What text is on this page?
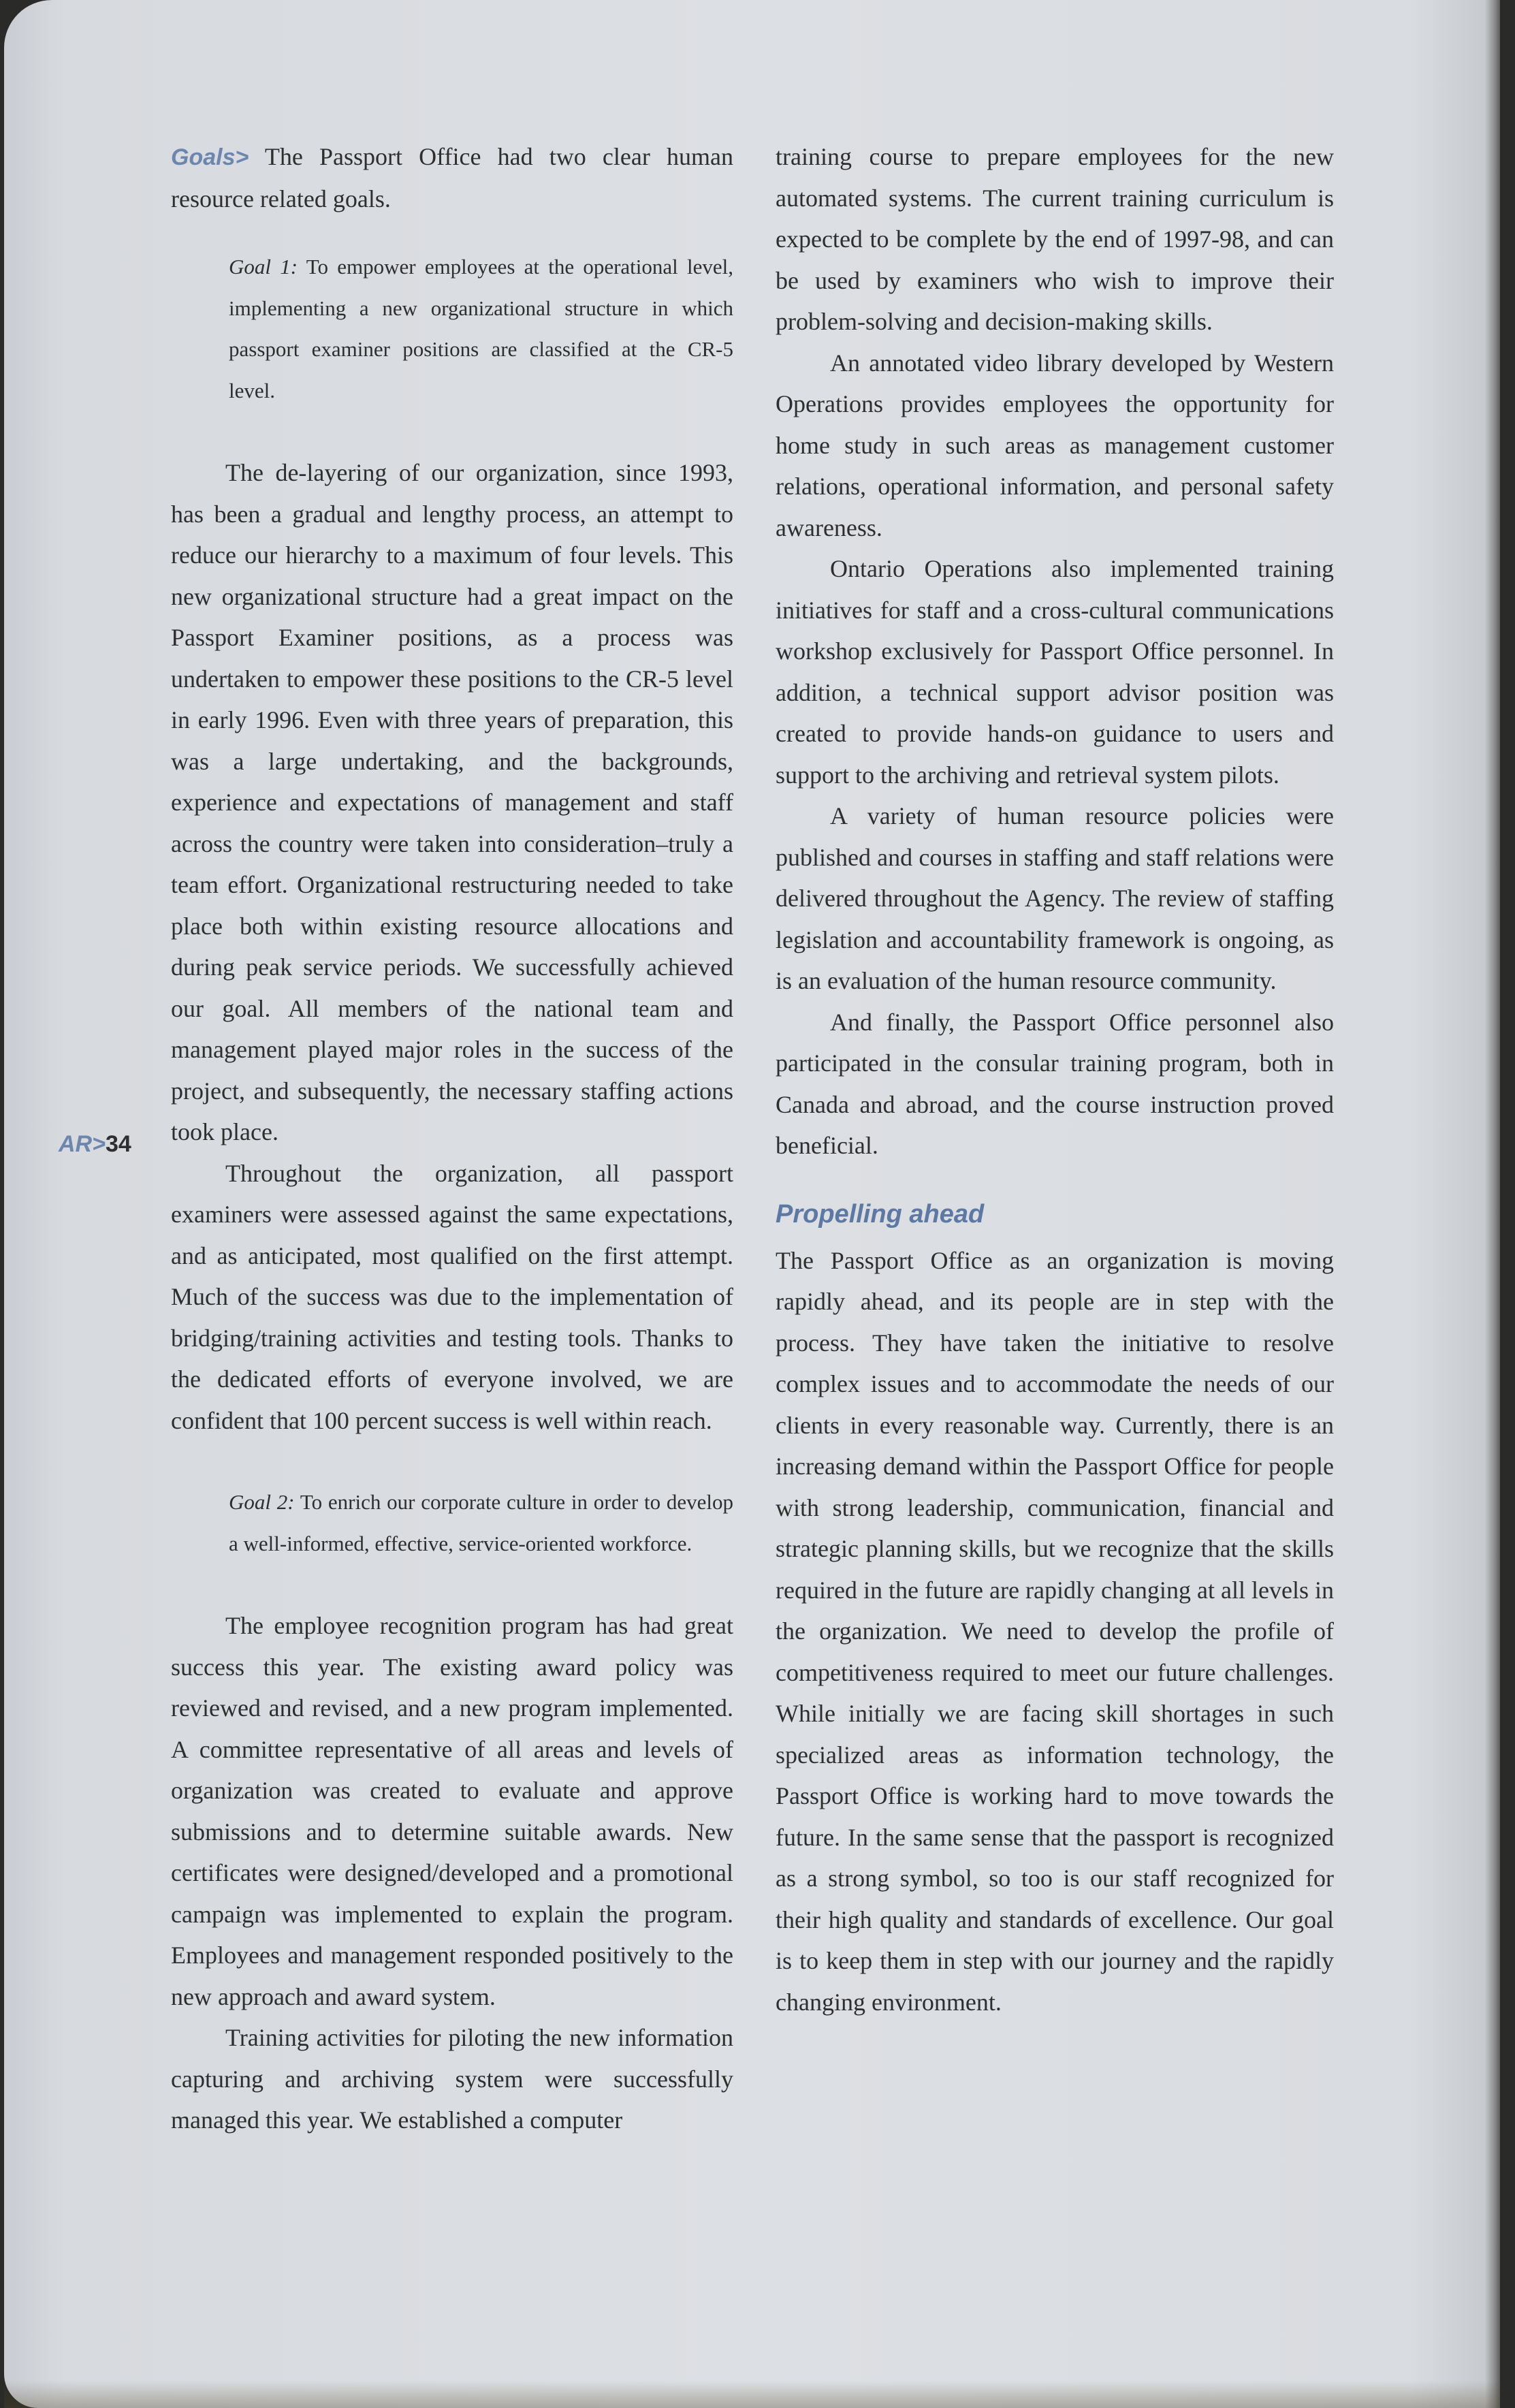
AR>34

Goals> The Passport Office had two clear human resource related goals.

Goal 1: To empower employees at the operational level, implementing a new organizational structure in which passport examiner positions are classified at the CR-5 level.

The de-layering of our organization, since 1993, has been a gradual and lengthy process, an attempt to reduce our hierarchy to a maximum of four levels. This new organizational structure had a great impact on the Passport Examiner positions, as a process was undertaken to empower these positions to the CR-5 level in early 1996. Even with three years of preparation, this was a large undertaking, and the backgrounds, experience and expectations of management and staff across the country were taken into consideration–truly a team effort. Organizational restructuring needed to take place both within existing resource allocations and during peak service periods. We successfully achieved our goal. All members of the national team and management played major roles in the success of the project, and subsequently, the necessary staffing actions took place.

Throughout the organization, all passport examiners were assessed against the same expectations, and as anticipated, most qualified on the first attempt. Much of the success was due to the implementation of bridging/training activities and testing tools. Thanks to the dedicated efforts of everyone involved, we are confident that 100 percent success is well within reach.

Goal 2: To enrich our corporate culture in order to develop a well-informed, effective, service-oriented workforce.

The employee recognition program has had great success this year. The existing award policy was reviewed and revised, and a new program implemented. A committee representative of all areas and levels of organization was created to evaluate and approve submissions and to determine suitable awards. New certificates were designed/developed and a promotional campaign was implemented to explain the program. Employees and management responded positively to the new approach and award system.

Training activities for piloting the new information capturing and archiving system were successfully managed this year. We established a computer

training course to prepare employees for the new automated systems. The current training curriculum is expected to be complete by the end of 1997-98, and can be used by examiners who wish to improve their problem-solving and decision-making skills.

An annotated video library developed by Western Operations provides employees the opportunity for home study in such areas as management customer relations, operational information, and personal safety awareness.

Ontario Operations also implemented training initiatives for staff and a cross-cultural communications workshop exclusively for Passport Office personnel. In addition, a technical support advisor position was created to provide hands-on guidance to users and support to the archiving and retrieval system pilots.

A variety of human resource policies were published and courses in staffing and staff relations were delivered throughout the Agency. The review of staffing legislation and accountability framework is ongoing, as is an evaluation of the human resource community.

And finally, the Passport Office personnel also participated in the consular training program, both in Canada and abroad, and the course instruction proved beneficial.

Propelling ahead

The Passport Office as an organization is moving rapidly ahead, and its people are in step with the process. They have taken the initiative to resolve complex issues and to accommodate the needs of our clients in every reasonable way. Currently, there is an increasing demand within the Passport Office for people with strong leadership, communication, financial and strategic planning skills, but we recognize that the skills required in the future are rapidly changing at all levels in the organization. We need to develop the profile of competitiveness required to meet our future challenges. While initially we are facing skill shortages in such specialized areas as information technology, the Passport Office is working hard to move towards the future. In the same sense that the passport is recognized as a strong symbol, so too is our staff recognized for their high quality and standards of excellence. Our goal is to keep them in step with our journey and the rapidly changing environment.
